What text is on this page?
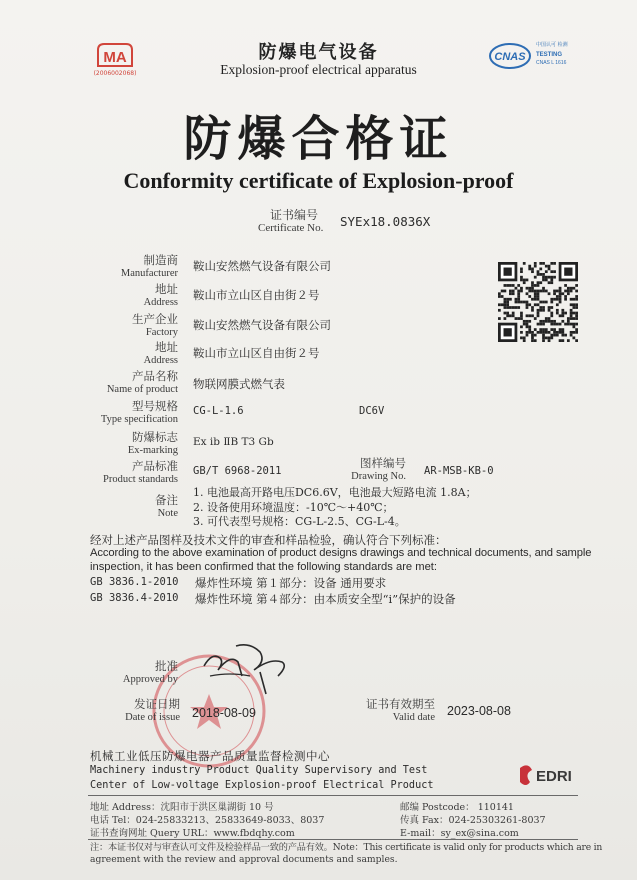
MA
(2006002068)
防爆电气设备
Explosion-proof electrical apparatus
CNAS
中国认可 检测
TESTING
CNAS L 1616
防爆合格证
Conformity certificate of Explosion-proof
证书编号
Certificate No. SYEx18.0836X
制造商
Manufacturer
鞍山安然燃气设备有限公司
地址
Address
鞍山市立山区自由街２号
生产企业
Factory
鞍山安然燃气设备有限公司
地址
Address
鞍山市立山区自由街２号
产品名称
Name of product 物联网膜式燃气表
型号规格
Type specification
CG-L-1.6	DC6V
防爆标志
Ex-marking
Ex ib ⅡB T3 Gb
产品标准
Product standards
GB/T 6968-2011
图样编号
Drawing No. AR-MSB-KB-0
备注
Note
1. 电池最高开路电压DC6.6V，电池最大短路电流 1.8A；
2. 设备使用环境温度：-10℃～+40℃；
3. 可代表型号规格：CG-L-2.5、CG-L-4。
经对上述产品图样及技术文件的审查和样品检验，确认符合下列标准：
According to the above examination of product designs drawings and technical documents, and sample
inspection, it has been confirmed that the following standards are met:
GB 3836.1-2010 爆炸性环境 第１部分：设备 通用要求
GB 3836.4-2010 爆炸性环境 第４部分：由本质安全型“i”保护的设备
批准
Approved by
发证日期
Date of issue 2018-08-09
证书有效期至
Valid date 2023-08-08
机械工业低压防爆电器产品质量监督检测中心
Machinery industry Product Quality Supervisory and Test
Center of Low-voltage Explosion-proof Electrical Product
EDRI
地址 Address：沈阳市于洪区巢湖街 10 号	邮编 Postcode： 110141
电话 Tel：024-25833213、25833649-8033、8037	传真 Fax：024-25303261-8037
证书查询网址 Query URL：www.fbdqhy.com	E-mail：sy_ex@sina.com
注：本证书仅对与审查认可文件及检验样品一致的产品有效。Note：This certificate is valid only for products which are in
agreement with the review and approval documents and samples.
